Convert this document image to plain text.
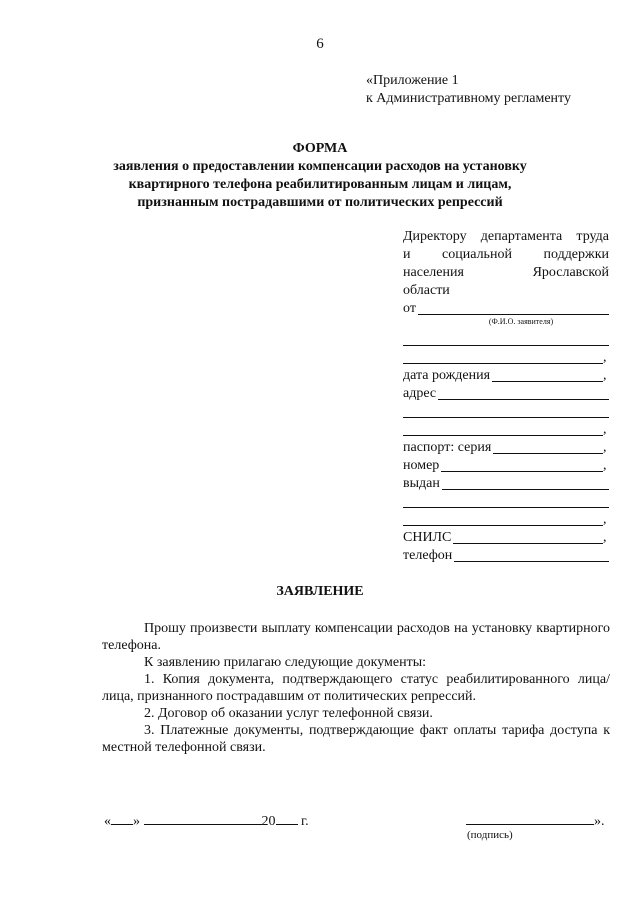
6
«Приложение 1
к Административному регламенту
ФОРМА
заявления о предоставлении компенсации расходов на установку
квартирного телефона реабилитированным лицам и лицам,
признанным пострадавшими от политических репрессий
Директору департамента труда
и социальной поддержки
населения Ярославской
области
от
(Ф.И.О. заявителя)
,
дата рождения	,
адрес
,
паспорт: серия	,
номер	,
выдан
,
СНИЛС	,
телефон
ЗАЯВЛЕНИЕ

Прошу произвести выплату компенсации расходов на установку квартирного телефона.

К заявлению прилагаю следующие документы:

1. Копия документа, подтверждающего статус реабилитированного лица/ лица, признанного пострадавшим от политических репрессий.

2. Договор об оказании услуг телефонной связи.

3. Платежные документы, подтверждающие факт оплаты тарифа доступа к местной телефонной связи.

« »	20 г.	».
(подпись)
